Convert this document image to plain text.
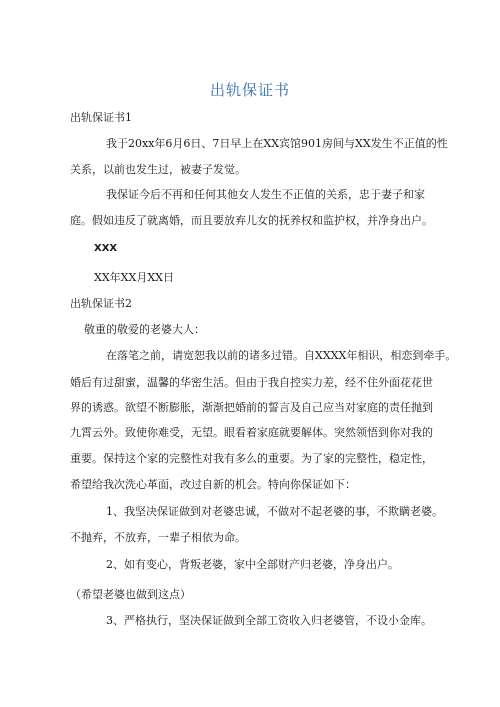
出轨保证书
出轨保证书1
我于20xx年6月6日、7日早上在XX宾馆901房间与XX发生不正值的性
关系，以前也发生过，被妻子发觉。
我保证今后不再和任何其他女人发生不正值的关系，忠于妻子和家
庭。假如违反了就离婚，而且要放弃儿女的抚养权和监护权，并净身出户。
XXX
XX年XX月XX日
出轨保证书2
敬重的敬爱的老婆大人：
在落笔之前，请宽恕我以前的诸多过错。自XXXX年相识，相恋到牵手。
婚后有过甜蜜，温馨的华密生活。但由于我自控实力差，经不住外面花花世
界的诱惑。欲望不断膨胀，渐渐把婚前的誓言及自己应当对家庭的责任抛到
九霄云外。致使你难受，无望。眼看着家庭就要解体。突然领悟到你对我的
重要。保持这个家的完整性对我有多么的重要。为了家的完整性，稳定性，
希望给我次洗心革面，改过自新的机会。特向你保证如下：
1、我坚决保证做到对老婆忠诚，不做对不起老婆的事，不欺瞒老婆。
不抛弃，不放弃，一辈子相依为命。
2、如有变心，背叛老婆，家中全部财产归老婆，净身出户。
（希望老婆也做到这点）
3、严格执行，坚决保证做到全部工资收入归老婆管，不设小金库。
